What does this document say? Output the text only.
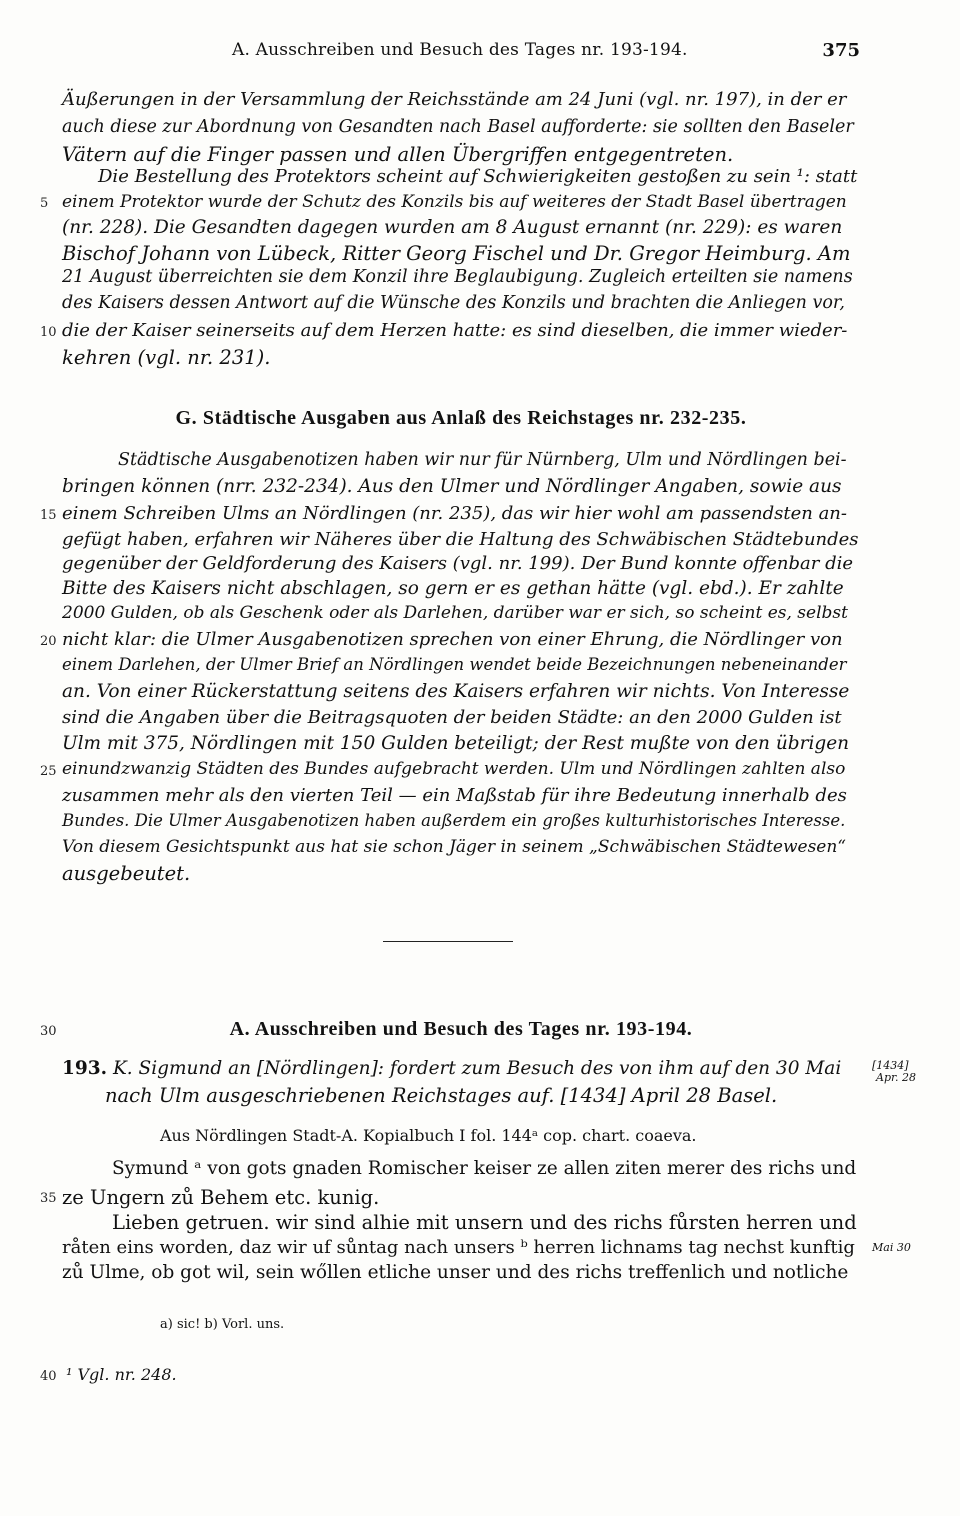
A. Ausschreiben und Besuch des Tages nr. 193-194.	375
Äußerungen in der Versammlung der Reichsstände am 24 Juni (vgl. nr. 197), in der er
auch diese zur Abordnung von Gesandten nach Basel aufforderte: sie sollten den Baseler
Vätern auf die Finger passen und allen Übergriffen entgegentreten.
Die Bestellung des Protektors scheint auf Schwierigkeiten gestoßen zu sein ¹: statt
einem Protektor wurde der Schutz des Konzils bis auf weiteres der Stadt Basel übertragen
(nr. 228). Die Gesandten dagegen wurden am 8 August ernannt (nr. 229): es waren
Bischof Johann von Lübeck, Ritter Georg Fischel und Dr. Gregor Heimburg. Am
21 August überreichten sie dem Konzil ihre Beglaubigung. Zugleich erteilten sie namens
des Kaisers dessen Antwort auf die Wünsche des Konzils und brachten die Anliegen vor,
die der Kaiser seinerseits auf dem Herzen hatte: es sind dieselben, die immer wieder-
kehren (vgl. nr. 231).
G. Städtische Ausgaben aus Anlaß des Reichstages nr. 232-235.
Städtische Ausgabenotizen haben wir nur für Nürnberg, Ulm und Nördlingen bei-
bringen können (nrr. 232-234). Aus den Ulmer und Nördlinger Angaben, sowie aus
einem Schreiben Ulms an Nördlingen (nr. 235), das wir hier wohl am passendsten an-
gefügt haben, erfahren wir Näheres über die Haltung des Schwäbischen Städtebundes
gegenüber der Geldforderung des Kaisers (vgl. nr. 199). Der Bund konnte offenbar die
Bitte des Kaisers nicht abschlagen, so gern er es gethan hätte (vgl. ebd.). Er zahlte
2000 Gulden, ob als Geschenk oder als Darlehen, darüber war er sich, so scheint es, selbst
nicht klar: die Ulmer Ausgabenotizen sprechen von einer Ehrung, die Nördlinger von
einem Darlehen, der Ulmer Brief an Nördlingen wendet beide Bezeichnungen nebeneinander
an. Von einer Rückerstattung seitens des Kaisers erfahren wir nichts. Von Interesse
sind die Angaben über die Beitragsquoten der beiden Städte: an den 2000 Gulden ist
Ulm mit 375, Nördlingen mit 150 Gulden beteiligt; der Rest mußte von den übrigen
einundzwanzig Städten des Bundes aufgebracht werden. Ulm und Nördlingen zahlten also
zusammen mehr als den vierten Teil — ein Maßstab für ihre Bedeutung innerhalb des
Bundes. Die Ulmer Ausgabenotizen haben außerdem ein großes kulturhistorisches Interesse.
Von diesem Gesichtspunkt aus hat sie schon Jäger in seinem „Schwäbischen Städtewesen“
ausgebeutet.
A. Ausschreiben und Besuch des Tages nr. 193-194.
193. K. Sigmund an [Nördlingen]: fordert zum Besuch des von ihm auf den 30 Mai
nach Ulm ausgeschriebenen Reichstages auf. [1434] April 28 Basel.
[1434]
Apr. 28
Aus Nördlingen Stadt-A. Kopialbuch I fol. 144ᵃ cop. chart. coaeva.
Symund ᵃ von gots gnaden Romischer keiser ze allen ziten merer des richs und
ze Ungern zů Behem etc. kunig.
Lieben getruen. wir sind alhie mit unsern und des richs fůrsten herren und
råten eins worden, daz wir uf sůntag nach unsers ᵇ herren lichnams tag nechst kunftig
zů Ulme, ob got wil, sein wőllen etliche unser und des richs treffenlich und notliche
Mai 30
a) sic! b) Vorl. uns.
¹ Vgl. nr. 248.
5
10
15
20
25
30
35
40
